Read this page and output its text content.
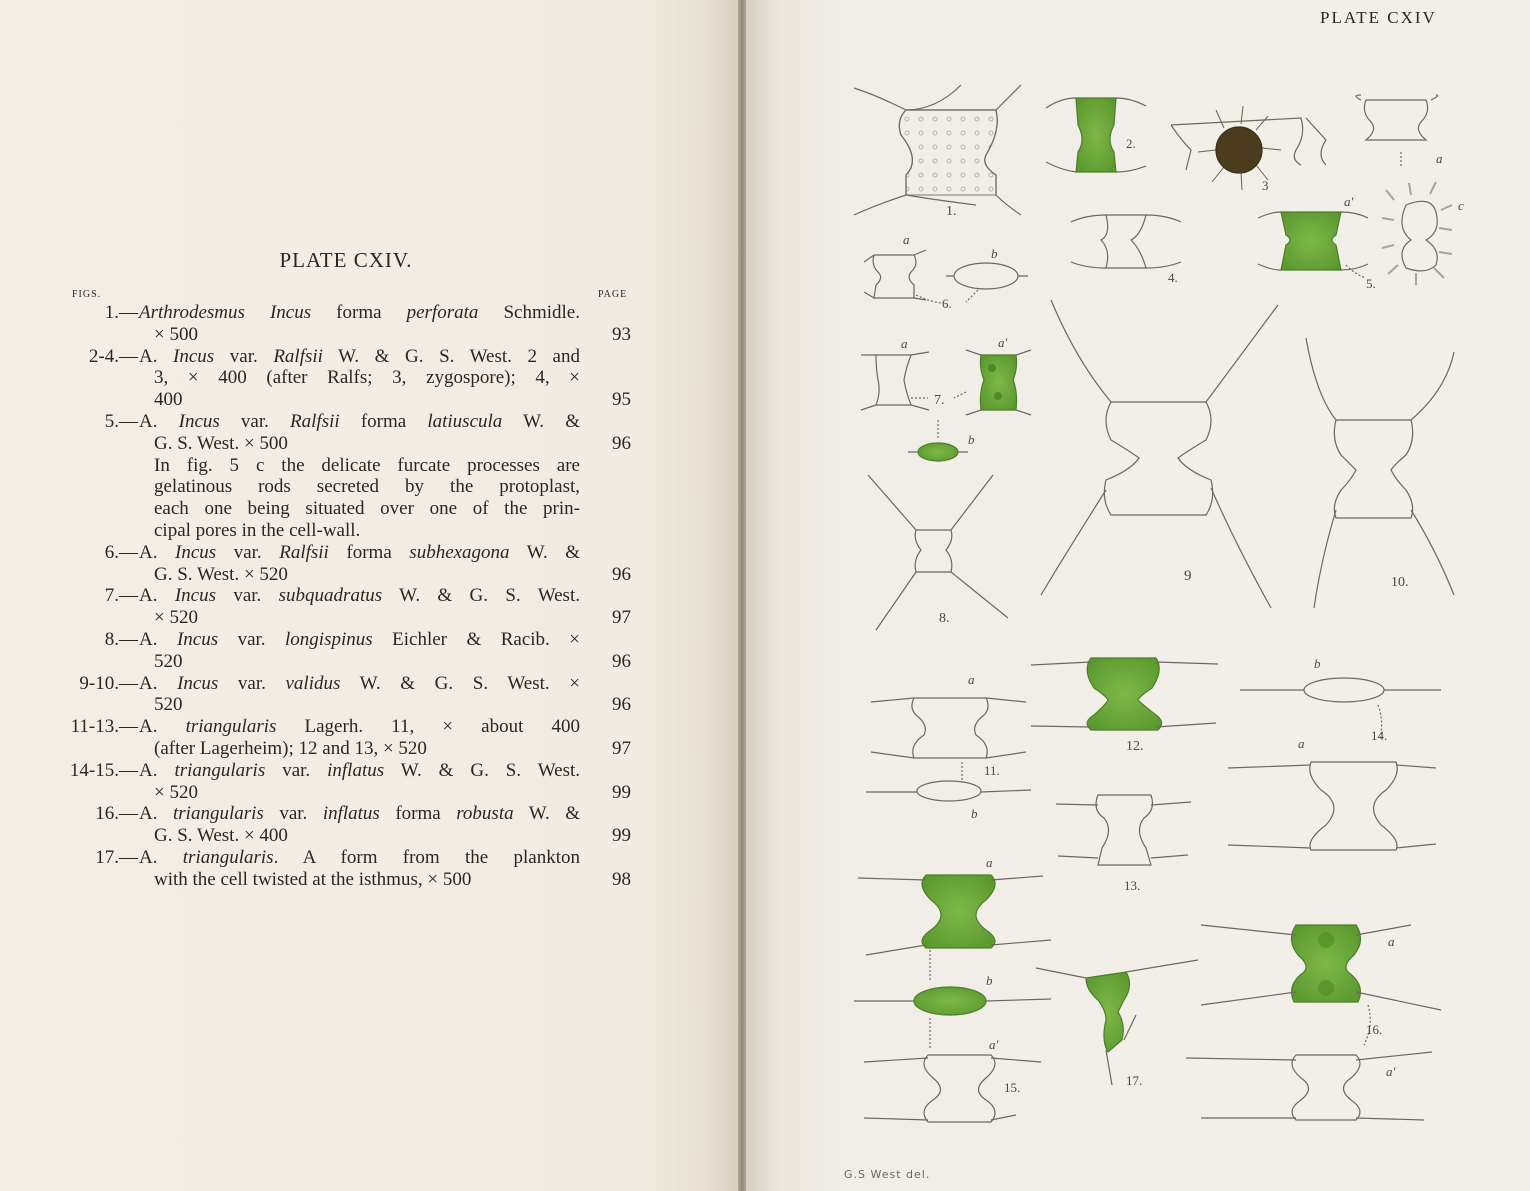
PLATE CXIV.
FIGS.	PAGE
1.— Arthrodesmus Incus forma perforata Schmidle.
× 500	93
2-4.— A. Incus var. Ralfsii W. & G. S. West. 2 and
3, × 400 (after Ralfs; 3, zygospore); 4, ×
400	95
5.— A. Incus var. Ralfsii forma latiuscula W. &
G. S. West. × 500	96
In fig. 5 c the delicate furcate processes are
gelatinous rods secreted by the protoplast,
each one being situated over one of the prin-
cipal pores in the cell-wall.
6.— A. Incus var. Ralfsii forma subhexagona W. &
G. S. West. × 520	96
7.— A. Incus var. subquadratus W. & G. S. West.
× 520	97
8.— A. Incus var. longispinus Eichler & Racib. ×
520	96
9-10.— A. Incus var. validus W. & G. S. West. ×
520	96
11-13.— A. triangularis Lagerh. 11, × about 400
(after Lagerheim); 12 and 13, × 520	97
14-15.— A. triangularis var. inflatus W. & G. S. West.
× 520	99
16.— A. triangularis var. inflatus forma robusta W. &
G. S. West. × 400	99
17.— A. triangularis. A form from the plankton
with the cell twisted at the isthmus, × 500	98
PLATE CXIV
1.
2.
3
4.
a
a'	c
5.
a
b
6.
a	a'
7.
b
8.
9	10.
a
11.
b
12.
13.
b
14.
a
a
b
a'
15.
a
16.
a'
17.
G.S West del.
